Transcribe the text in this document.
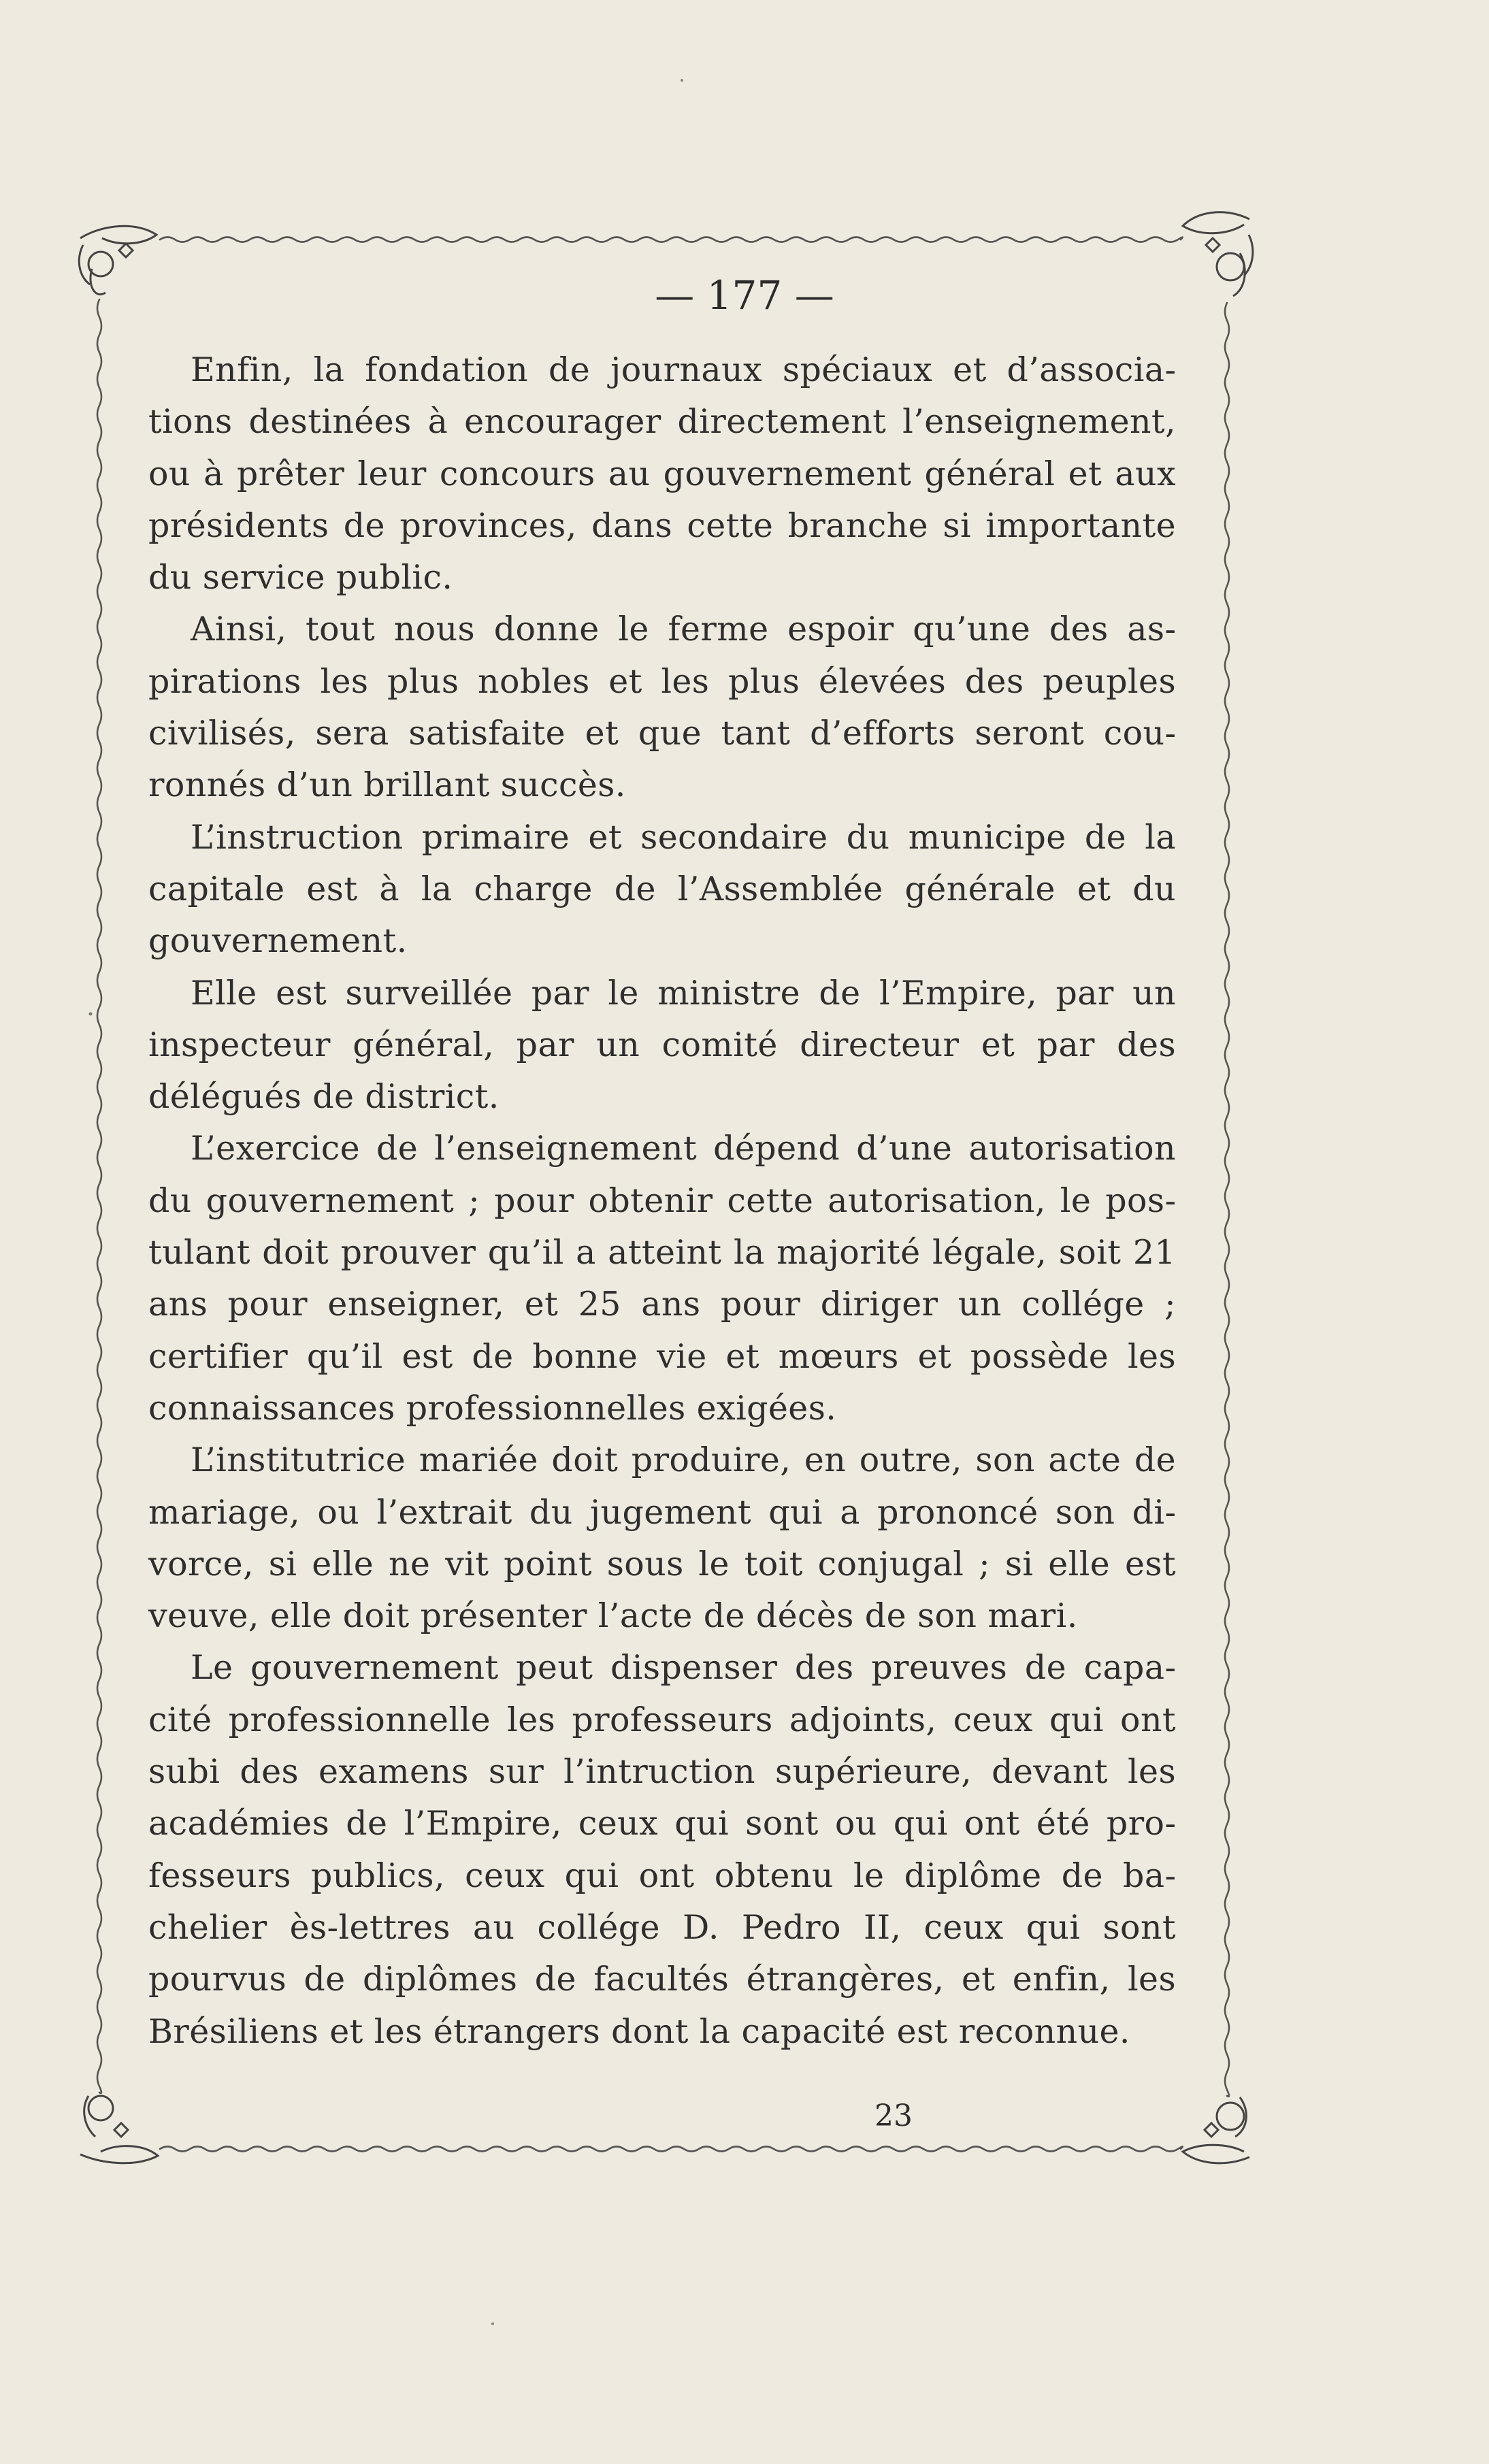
— 177 —

Enfin, la fondation de journaux spéciaux et d’associations destinées à encourager directement l’enseignement, ou à prêter leur concours au gouvernement général et aux présidents de provinces, dans cette branche si importante du service public.

Ainsi, tout nous donne le ferme espoir qu’une des aspirations les plus nobles et les plus élevées des peuples civilisés, sera satisfaite et que tant d’efforts seront couronnés d’un brillant succès.

L’instruction primaire et secondaire du municipe de la capitale est à la charge de l’Assemblée générale et du gouvernement.

Elle est surveillée par le ministre de l’Empire, par un inspecteur général, par un comité directeur et par des délégués de district.

L’exercice de l’enseignement dépend d’une autorisation du gouvernement ; pour obtenir cette autorisation, le postulant doit prouver qu’il a atteint la majorité légale, soit 21 ans pour enseigner, et 25 ans pour diriger un collége ; certifier qu’il est de bonne vie et mœurs et possède les connaissances professionnelles exigées.

L’institutrice mariée doit produire, en outre, son acte de mariage, ou l’extrait du jugement qui a prononcé son divorce, si elle ne vit point sous le toit conjugal ; si elle est veuve, elle doit présenter l’acte de décès de son mari.

Le gouvernement peut dispenser des preuves de capacité professionnelle les professeurs adjoints, ceux qui ont subi des examens sur l’intruction supérieure, devant les académies de l’Empire, ceux qui sont ou qui ont été professeurs publics, ceux qui ont obtenu le diplôme de bachelier ès-lettres au collége D. Pedro II, ceux qui sont pourvus de diplômes de facultés étrangères, et enfin, les Brésiliens et les étrangers dont la capacité est reconnue.

23
